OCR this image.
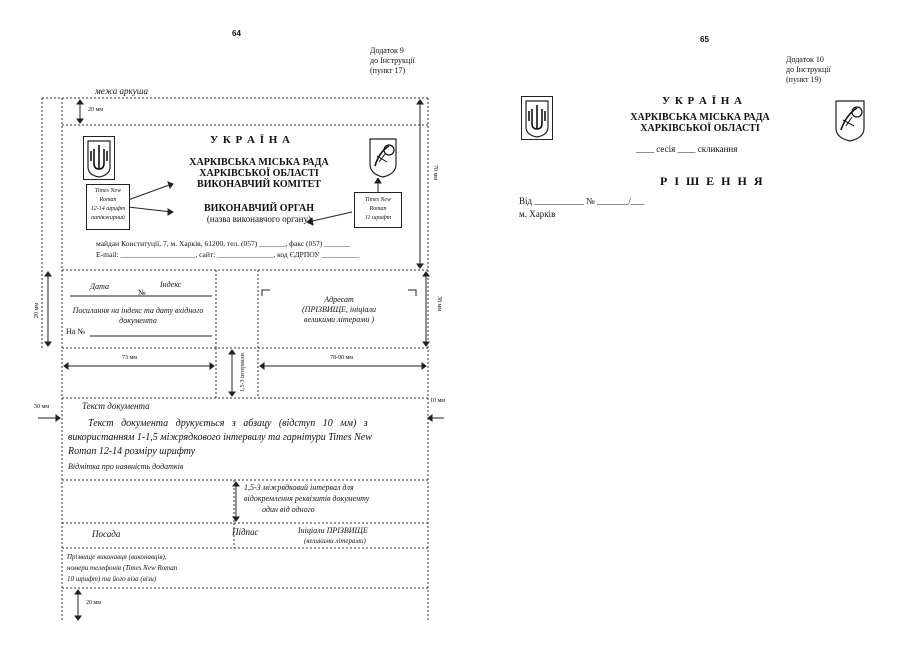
64
Додаток 9
до Інструкції
(пункт 17)
межа аркуша
20 мм
70 мм
20 мм	38 мм
73 мм	78-90 мм
1,5-3 інтервали
30 мм
10 мм
20 мм
У К Р А Ї Н А
ХАРКІВСЬКА МІСЬКА РАДА
ХАРКІВСЬКОЇ ОБЛАСТІ
ВИКОНАВЧИЙ КОМІТЕТ
ВИКОНАВЧИЙ ОРГАН
(назва виконавчого органу)
Times New
Roman
12-14 шрифт
напівжирний
Times New
Roman
11 шрифт
майдан Конституції, 7, м. Харків, 61200, тел. (057) _______, факс (057) _______
E-mail: ____________________, сайт: _______________, код ЄДРПОУ __________
Дата	Індекс
№
Посилання на індекс та дату вхідного
документа
На №
Адресат
(ПРІЗВИЩЕ, ініціали
великими літерами )
Текст документа
Текст документа друкується з абзацу (відступ 10 мм) з
використанням 1-1,5 міжрядкового інтервалу та гарнітури Times New
Roman 12-14 розміру шрифту
Відмітка про наявність додатків
1,5-3 міжрядковий інтервал для
відокремлення реквізитів документу
один від одного
Посада	Підпис	Ініціали ПРІЗВИЩЕ
(великими літерами)
Прізвище виконавця (виконавців),
номери телефонів (Times New Roman
10 шрифт) та його віза (візи)
65
Додаток 10
до Інструкції
(пункт 19)
У К Р А Ї Н А
ХАРКІВСЬКА МІСЬКА РАДА
ХАРКІВСЬКОЇ ОБЛАСТІ
____ сесія ____ скликання
Р І Ш Е Н Н Я
Від ___________ № _______/___
м. Харків
